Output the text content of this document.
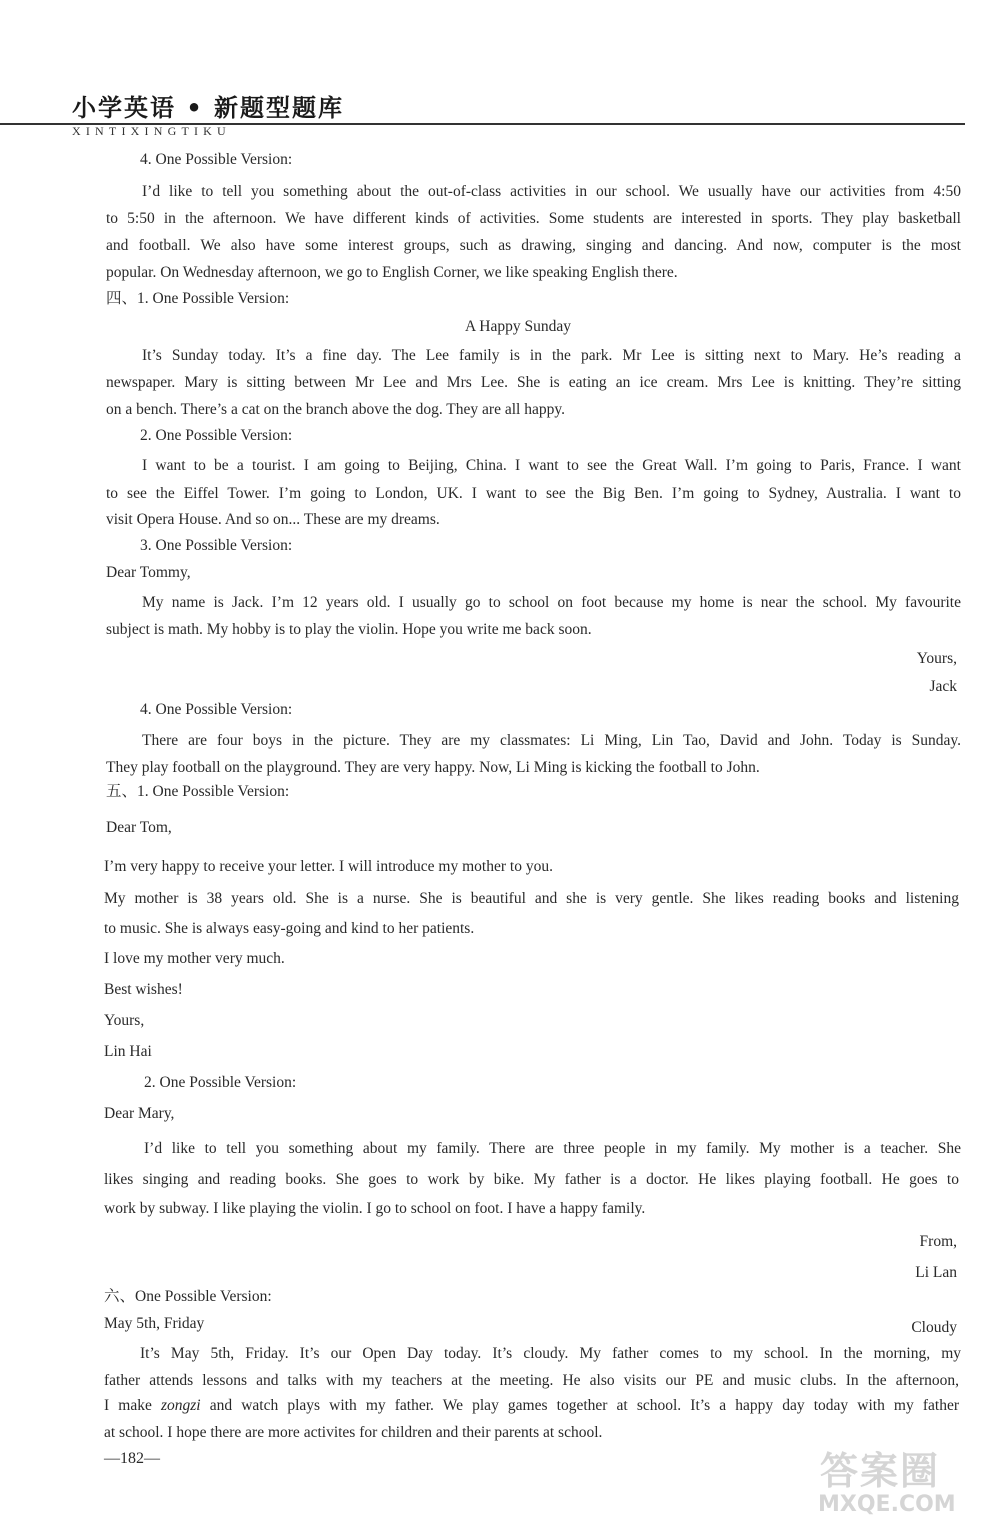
小学英语 • 新题型题库
XINTIXINGTIKU
4. One Possible Version:
I’d like to tell you something about the out-of-class activities in our school. We usually have our activities from 4:50
to 5:50 in the afternoon. We have different kinds of activities. Some students are interested in sports. They play basketball
and football. We also have some interest groups, such as drawing, singing and dancing. And now, computer is the most
popular. On Wednesday afternoon, we go to English Corner, we like speaking English there.
四、1. One Possible Version:
A Happy Sunday
It’s Sunday today. It’s a fine day. The Lee family is in the park. Mr Lee is sitting next to Mary. He’s reading a
newspaper. Mary is sitting between Mr Lee and Mrs Lee. She is eating an ice cream. Mrs Lee is knitting. They’re sitting
on a bench. There’s a cat on the branch above the dog. They are all happy.
2. One Possible Version:
I want to be a tourist. I am going to Beijing, China. I want to see the Great Wall. I’m going to Paris, France. I want
to see the Eiffel Tower. I’m going to London, UK. I want to see the Big Ben. I’m going to Sydney, Australia. I want to
visit Opera House. And so on... These are my dreams.
3. One Possible Version:
Dear Tommy,
My name is Jack. I’m 12 years old. I usually go to school on foot because my home is near the school. My favourite
subject is math. My hobby is to play the violin. Hope you write me back soon.
Yours,
Jack
4. One Possible Version:
There are four boys in the picture. They are my classmates: Li Ming, Lin Tao, David and John. Today is Sunday.
They play football on the playground. They are very happy. Now, Li Ming is kicking the football to John.
五、1. One Possible Version:
Dear Tom,
I’m very happy to receive your letter. I will introduce my mother to you.
My mother is 38 years old. She is a nurse. She is beautiful and she is very gentle. She likes reading books and listening
to music. She is always easy-going and kind to her patients.
I love my mother very much.
Best wishes!
Yours,
Lin Hai
2. One Possible Version:
Dear Mary,
I’d like to tell you something about my family. There are three people in my family. My mother is a teacher. She
likes singing and reading books. She goes to work by bike. My father is a doctor. He likes playing football. He goes to
work by subway. I like playing the violin. I go to school on foot. I have a happy family.
From,
Li Lan
六、One Possible Version:
May 5th, Friday	Cloudy
It’s May 5th, Friday. It’s our Open Day today. It’s cloudy. My father comes to my school. In the morning, my
father attends lessons and talks with my teachers at the meeting. He also visits our PE and music clubs. In the afternoon,
I make zongzi and watch plays with my father. We play games together at school. It’s a happy day today with my father
at school. I hope there are more activites for children and their parents at school.
—182—	答案圈
MXQE.COM
